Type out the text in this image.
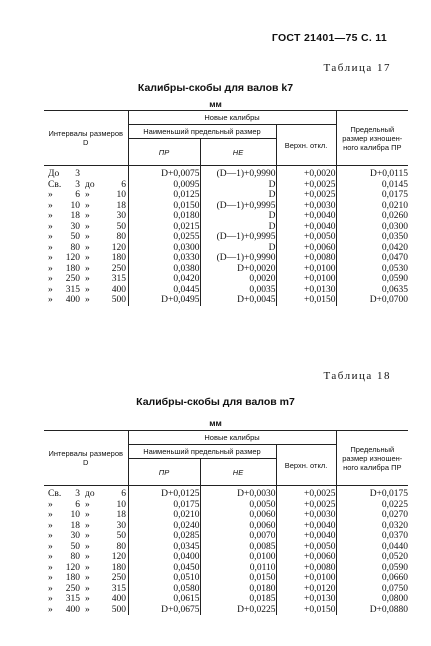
ГОСТ 21401—75 С. 11
Таблица 17
Калибры-скобы для валов k7
мм
Интервалы размеров D	Новые калибры			Предельный размер изношен-ного калибра ПР
	Наименьший предельный размер		Верхн. откл.	
	ПР	НЕ		

До 3	D+0,0075	(D—1)+0,9990	+0,0020	D+0,0115

Св. 3 до 6	0,0095	D	+0,0025	0,0145

» 6 » 10	0,0125	D	+0,0025	0,0175

» 10 » 18	0,0150	(D—1)+0,9995	+0,0030	0,0210

» 18 » 30	0,0180	D	+0,0040	0,0260

» 30 » 50	0,0215	D	+0,0040	0,0300

» 50 » 80	0,0255	(D—1)+0,9995	+0,0050	0,0350

» 80 » 120	0,0300	D	+0,0060	0,0420

» 120 » 180	0,0330	(D—1)+0,9990	+0,0080	0,0470

» 180 » 250	0,0380	D+0,0020	+0,0100	0,0530

» 250 » 315	0,0420	0,0020	+0,0100	0,0590

» 315 » 400	0,0445	0,0035	+0,0130	0,0635

» 400 » 500	D+0,0495	D+0,0045	+0,0150	D+0,0700
Таблица 18
Калибры-скобы для валов m7
мм
Интервалы размеров D	Новые калибры			Предельный размер изношен-ного калибра ПР
	Наименьший предельный размер		Верхн. откл.	
	ПР	НЕ		

Св. 3 до 6	D+0,0125	D+0,0030	+0,0025	D+0,0175

» 6 » 10	0,0175	0,0050	+0,0025	0,0225

» 10 » 18	0,0210	0,0060	+0,0030	0,0270

» 18 » 30	0,0240	0,0060	+0,0040	0,0320

» 30 » 50	0,0285	0,0070	+0,0040	0,0370

» 50 » 80	0,0345	0,0085	+0,0050	0,0440

» 80 » 120	0,0400	0,0100	+0,0060	0,0520

» 120 » 180	0,0450	0,0110	+0,0080	0,0590

» 180 » 250	0,0510	0,0150	+0,0100	0,0660

» 250 » 315	0,0580	0,0180	+0,0120	0,0750

» 315 » 400	0,0615	0,0185	+0,0130	0,0800

» 400 » 500	D+0,0675	D+0,0225	+0,0150	D+0,0880
